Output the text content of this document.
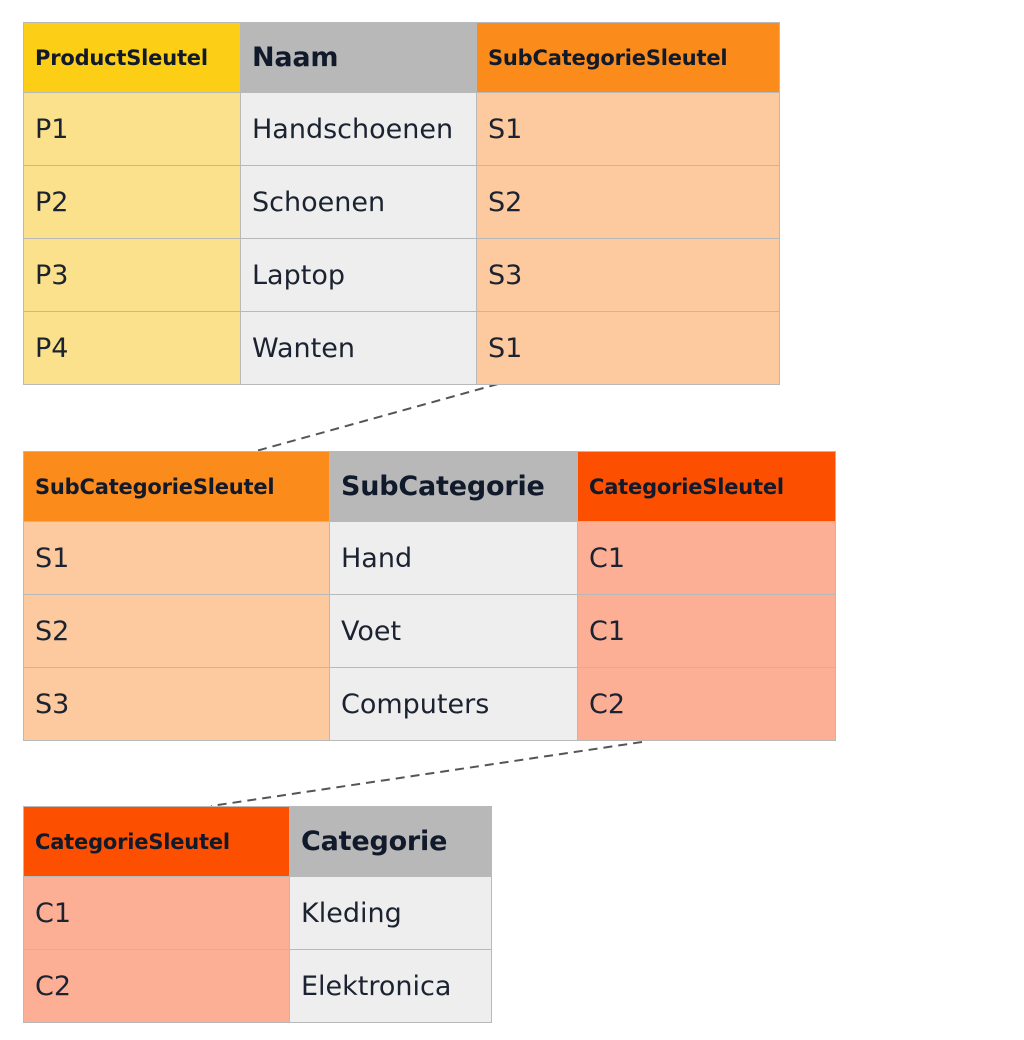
ProductSleutel	Naam	SubCategorieSleutel
P1	Handschoenen	S1
P2	Schoenen	S2
P3	Laptop	S3
P4	Wanten	S1
SubCategorieSleutel	SubCategorie	CategorieSleutel
S1	Hand	C1
S2	Voet	C1
S3	Computers	C2
CategorieSleutel	Categorie
C1	Kleding
C2	Elektronica
